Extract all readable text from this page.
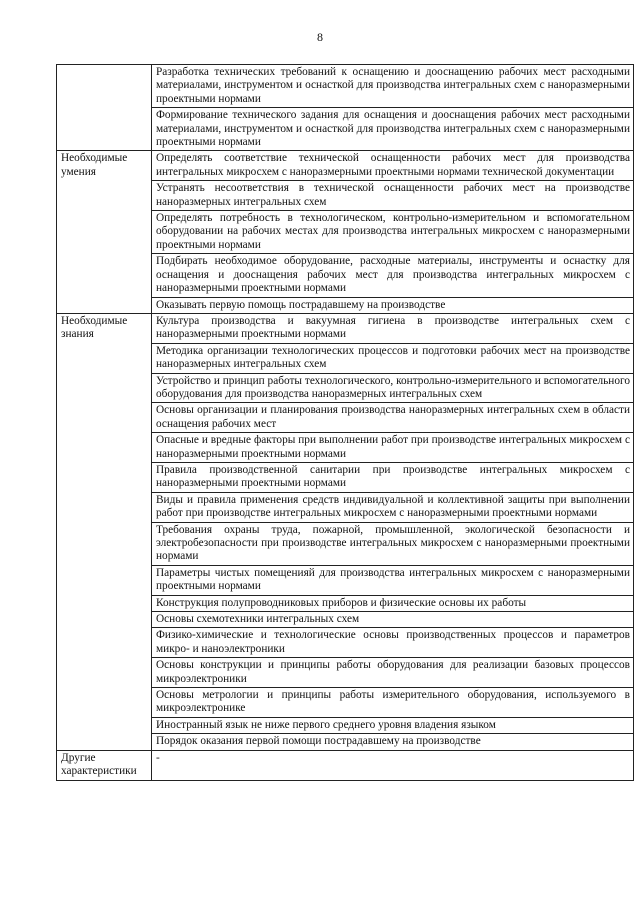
8
	Разработка технических требований к оснащению и дооснащению рабочих мест расходными материалами, инструментом и оснасткой для производства интегральных схем с наноразмерными проектными нормами
	Формирование технического задания для оснащения и дооснащения рабочих мест расходными материалами, инструментом и оснасткой для производства интегральных схем с наноразмерными проектными нормами
Необходимые умения	Определять соответствие технической оснащенности рабочих мест для производства интегральных микросхем с наноразмерными проектными нормами технической документации
	Устранять несоответствия в технической оснащенности рабочих мест на производстве наноразмерных интегральных схем
	Определять потребность в технологическом, контрольно-измерительном и вспомогательном оборудовании на рабочих местах для производства интегральных микросхем с наноразмерными проектными нормами
	Подбирать необходимое оборудование, расходные материалы, инструменты и оснастку для оснащения и дооснащения рабочих мест для производства интегральных микросхем с наноразмерными проектными нормами
	Оказывать первую помощь пострадавшему на производстве
Необходимые знания	Культура производства и вакуумная гигиена в производстве интегральных схем с наноразмерными проектными нормами
	Методика организации технологических процессов и подготовки рабочих мест на производстве наноразмерных интегральных схем
	Устройство и принцип работы технологического, контрольно-измерительного и вспомогательного оборудования для производства наноразмерных интегральных схем
	Основы организации и планирования производства наноразмерных интегральных схем в области оснащения рабочих мест
	Опасные и вредные факторы при выполнении работ при производстве интегральных микросхем с наноразмерными проектными нормами
	Правила производственной санитарии при производстве интегральных микросхем с наноразмерными проектными нормами
	Виды и правила применения средств индивидуальной и коллективной защиты при выполнении работ при производстве интегральных микросхем с наноразмерными проектными нормами
	Требования охраны труда, пожарной, промышленной, экологической безопасности и электробезопасности при производстве интегральных микросхем с наноразмерными проектными нормами
	Параметры чистых помещенияй для производства интегральных микросхем с наноразмерными проектными нормами
	Конструкция полупроводниковых приборов и физические основы их работы
	Основы схемотехники интегральных схем
	Физико-химические и технологические основы производственных процессов и параметров микро- и наноэлектроники
	Основы конструкции и принципы работы оборудования для реализации базовых процессов микроэлектроники
	Основы метрологии и принципы работы измерительного оборудования, используемого в микроэлектронике
	Иностранный язык не ниже первого среднего уровня владения языком
	Порядок оказания первой помощи пострадавшему на производстве
Другие характеристики	-
